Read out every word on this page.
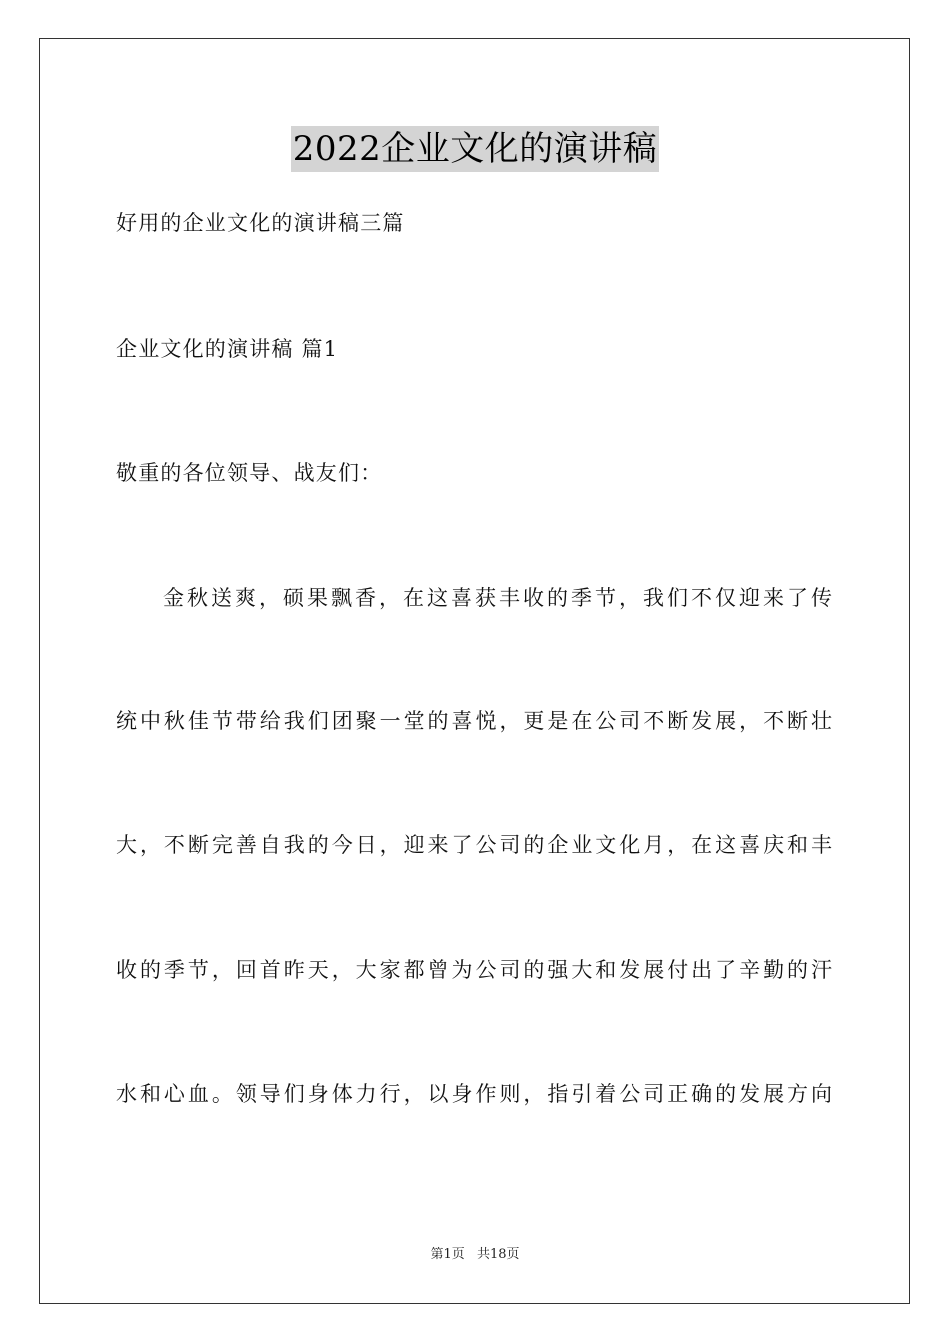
2022企业文化的演讲稿
好用的企业文化的演讲稿三篇
企业文化的演讲稿 篇1
敬重的各位领导、战友们：
金秋送爽，硕果飘香，在这喜获丰收的季节，我们不仅迎来了传
统中秋佳节带给我们团聚一堂的喜悦，更是在公司不断发展，不断壮
大，不断完善自我的今日，迎来了公司的企业文化月，在这喜庆和丰
收的季节，回首昨天，大家都曾为公司的强大和发展付出了辛勤的汗
水和心血。领导们身体力行，以身作则，指引着公司正确的发展方向
第1页 共18页
